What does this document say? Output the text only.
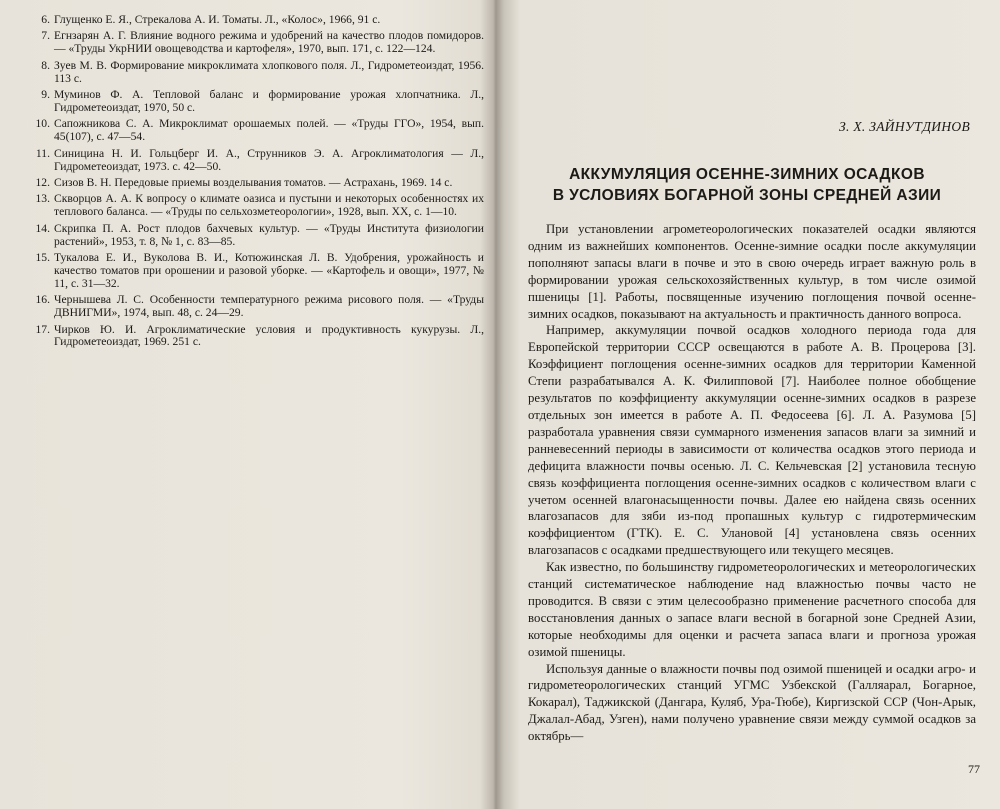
6 . Глущенко Е. Я., Стрекалова А. И. Томаты. Л., «Колос», 1966, 91 с.
7 . Егнзарян А. Г. Влияние водного режима и удобрений на качество плодов помидоров. — «Труды УкрНИИ овощеводства и картофеля», 1970, вып. 171, с. 122—124.
8 . Зуев М. В. Формирование микроклимата хлопкового поля. Л., Гидрометеоиздат, 1956. 113 с.
9 . Муминов Ф. А. Тепловой баланс и формирование урожая хлопчатника. Л., Гидрометеоиздат, 1970, 50 с.
10 . Сапожникова С. А. Микроклимат орошаемых полей. — «Труды ГГО», 1954, вып. 45(107), с. 47—54.
11 . Синицина Н. И. Гольцберг И. А., Струнников Э. А. Агроклиматология — Л., Гидрометеоиздат, 1973. с. 42—50.
12 . Сизов В. Н. Передовые приемы возделывания томатов. — Астрахань, 1969. 14 с.
13 . Скворцов А. А. К вопросу о климате оазиса и пустыни и некоторых особенностях их теплового баланса. — «Труды по сельхозметеорологии», 1928, вып. XX, с. 1—10.
14 . Скрипка П. А. Рост плодов бахчевых культур. — «Труды Института физиологии растений», 1953, т. 8, № 1, с. 83—85.
15 . Тукалова Е. И., Вуколова В. И., Котюжинская Л. В. Удобрения, урожайность и качество томатов при орошении и разовой уборке. — «Картофель и овощи», 1977, № 11, с. 31—32.
16 . Чернышева Л. С. Особенности температурного режима рисового поля. — «Труды ДВНИГМИ», 1974, вып. 48, с. 24—29.
17 . Чирков Ю. И. Агроклиматические условия и продуктивность кукурузы. Л., Гидрометеоиздат, 1969. 251 с.
З. Х. ЗАЙНУТДИНОВ
АККУМУЛЯЦИЯ ОСЕННЕ-ЗИМНИХ ОСАДКОВ
В УСЛОВИЯХ БОГАРНОЙ ЗОНЫ СРЕДНЕЙ АЗИИ

При установлении агрометеорологических показателей осадки являются одним из важнейших компонентов. Осенне-зимние осадки после аккумуляции пополняют запасы влаги в почве и это в свою очередь играет важную роль в формировании урожая сельскохозяйственных культур, в том числе озимой пшеницы [1]. Работы, посвященные изучению поглощения почвой осенне-зимних осадков, показывают на актуальность и практичность данного вопроса.

Например, аккумуляции почвой осадков холодного периода года для Европейской территории СССР освещаются в работе А. В. Процерова [3]. Коэффициент поглощения осенне-зимних осадков для территории Каменной Степи разрабатывался А. К. Филипповой [7]. Наиболее полное обобщение результатов по коэффициенту аккумуляции осенне-зимних осадков в разрезе отдельных зон имеется в работе А. П. Федосеева [6]. Л. А. Разумова [5] разработала уравнения связи суммарного изменения запасов влаги за зимний и ранневесенний периоды в зависимости от количества осадков этого периода и дефицита влажности почвы осенью. Л. С. Кельчевская [2] установила тесную связь коэффициента поглощения осенне-зимних осадков с количеством влаги с учетом осенней влагонасыщенности почвы. Далее ею найдена связь осенних влагозапасов для зяби из-под пропашных культур с гидротермическим коэффициентом (ГТК). Е. С. Улановой [4] установлена связь осенних влагозапасов с осадками предшествующего или текущего месяцев.

Как известно, по большинству гидрометеорологических и метеорологических станций систематическое наблюдение над влажностью почвы часто не проводится. В связи с этим целесообразно применение расчетного способа для восстановления данных о запасе влаги весной в богарной зоне Средней Азии, которые необходимы для оценки и расчета запаса влаги и прогноза урожая озимой пшеницы.

Используя данные о влажности почвы под озимой пшеницей и осадки агро- и гидрометеорологических станций УГМС Узбекской (Галляарал, Богарное, Кокарал), Таджикской (Дангара, Куляб, Ура-Тюбе), Киргизской ССР (Чон-Арык, Джалал-Абад, Узген), нами получено уравнение связи между суммой осадков за октябрь—

77
